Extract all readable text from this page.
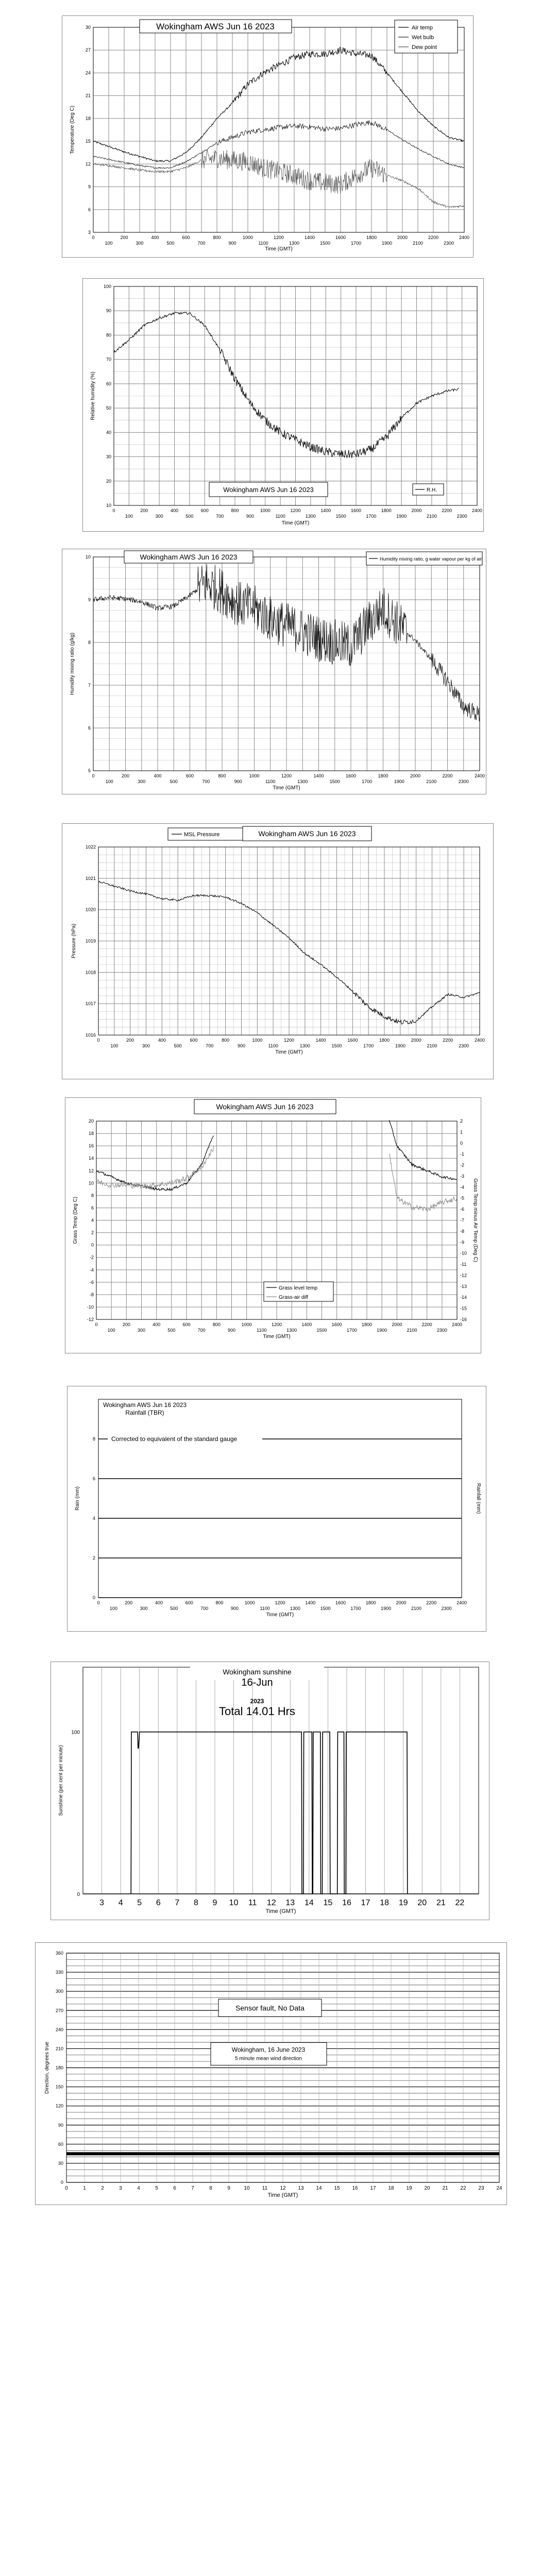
3
6
9
12
15
18
21
24
27
30
0
100
200
300
400
500
600
700
800
900
1000
1100
1200
1300
1400
1500
1600
1700
1800
1900
2000
2100
2200
2300
2400
Wokingham AWS Jun 16 2023	Air temp
Wet bulb
Dew point
Temperature (Deg C)
Time (GMT)
10
20
30
40
50
60
70
80
90
100
0
100
200
300
400
500
600
700
800
900
1000
1100
1200
1300
1400
1500
1600
1700
1800
1900
2000
2100
2200
2300
2400
Wokingham AWS Jun 16 2023	R.H.
Relative humidity (%)
Time (GMT)
5
6
7
8
9
10
0
100
200
300
400
500
600
700
800
900
1000
1100
1200
1300
1400
1500
1600
1700
1800
1900
2000
2100
2200
2300
2400
Wokingham AWS Jun 16 2023	Humidity mixing ratio, g water vapour per kg of air
Humidity mixing ratio (g/kg)
Time (GMT)
1016
1017
1018
1019
1020
1021
1022
0
100
200
300
400
500
600
700
800
900
1000
1100
1200
1300
1400
1500
1600
1700
1800
1900
2000
2100
2200
2300
2400
MSL Pressure	Wokingham AWS Jun 16 2023
Pressure (hPa)
Time (GMT)
-12
-10
-8
-6
-4
-2
0
2
4
6
8
10
12
14
16
18
20
0
100
200
300
400
500
600
700
800
900
1000
1100
1200
1300
1400
1500
1600
1700
1800
1900
2000
2100
2200
2300
2400
-16
-15
-14
-13
-12
-11
-10
-9
-8
-7
-6
-5
-4
-3
-2
-1
0
1
2
Wokingham AWS Jun 16 2023
Grass level temp
Grass-air diff
Grass Temp (Deg C)	Grass Temp minus Air Temp (Deg C)
Time (GMT)
0
2
4
6
8
0
100
200
300
400
500
600
700
800
900
1000
1100
1200
1300
1400
1500
1600
1700
1800
1900
2000
2100
2200
2300
2400
Wokingham AWS Jun 16 2023
Rainfall (TBR)
Corrected to equivalent of the standard gauge
Rain (mm)	Rainfall (mm)
Time (GMT)
3 4 5 6 7 8 9 10 11 12 13 14 15 16 17 18 19 20 21 22
0
100
Wokingham sunshine
16-Jun
2023
Total 14.01 Hrs
Sunshine (per cent per minute)
Time (GMT)
0
30
60
90
120
150
180
210
240
270
300
330
360
0	1	2	3	4	5	6	7	8	9	10 11 12 13 14 15 16 17 18 19 20 21 22 23 24
Sensor fault, No Data
Wokingham, 16 June 2023
5 minute mean wind direction
Direction, degrees true
Time (GMT)
